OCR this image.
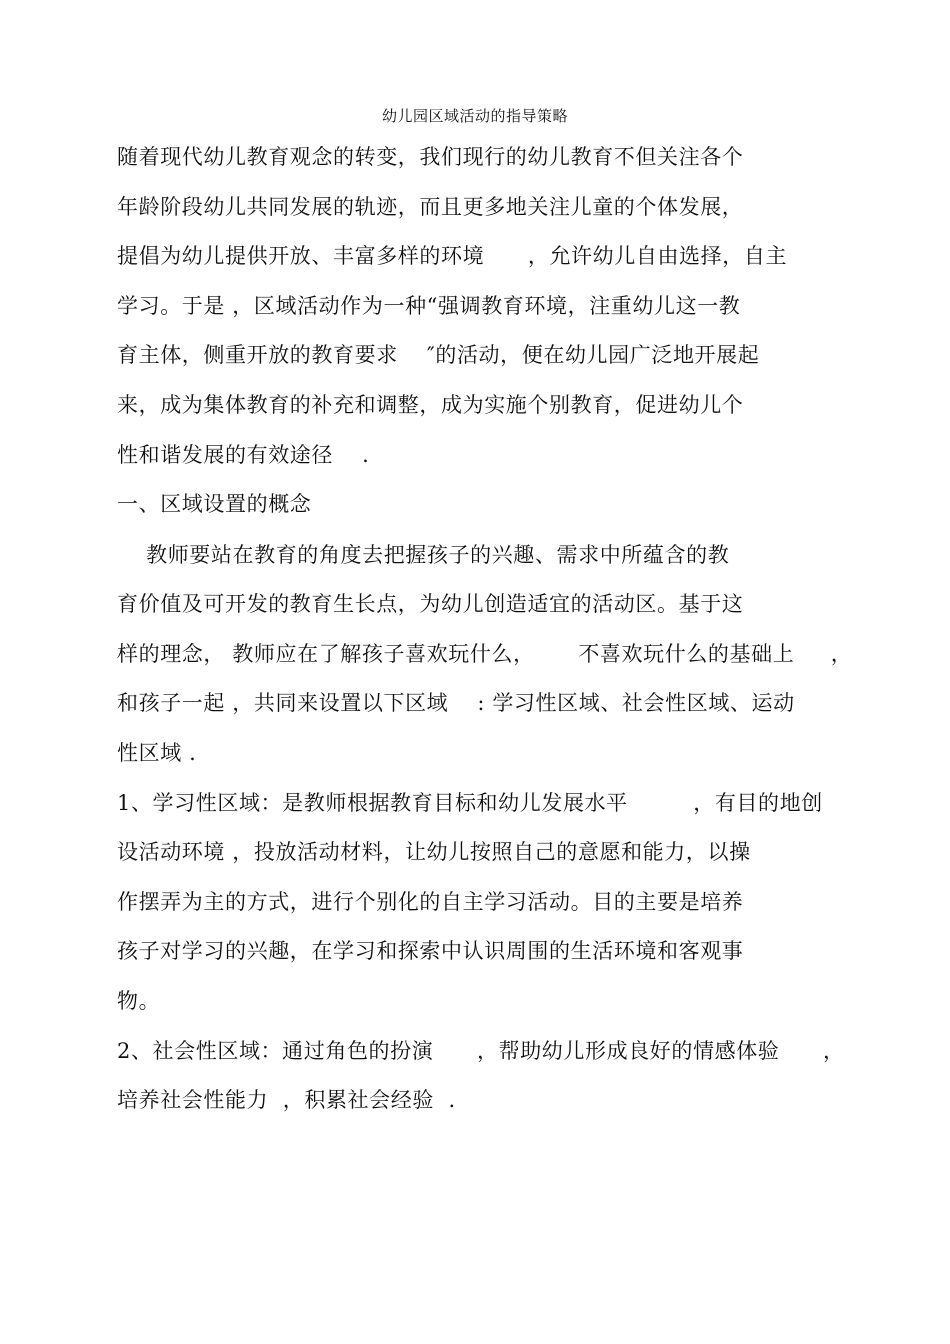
幼儿园区域活动的指导策略
随着现代幼儿教育观念的转变，我们现行的幼儿教育不但关注各个
年龄阶段幼儿共同发展的轨迹，而且更多地关注儿童的个体发展，
提倡为幼儿提供开放、丰富多样的环境      ，允许幼儿自由选择，自主
学习。于是 ，区域活动作为一种“强调教育环境，注重幼儿这一教
育主体，侧重开放的教育要求    ″的活动，便在幼儿园广泛地开展起
来，成为集体教育的补充和调整，成为实施个别教育，促进幼儿个
性和谐发展的有效途径    .
一、区域设置的概念
教师要站在教育的角度去把握孩子的兴趣、需求中所蕴含的教
育价值及可开发的教育生长点，为幼儿创造适宜的活动区。基于这
样的理念， 教师应在了解孩子喜欢玩什么，      不喜欢玩什么的基础上     ，
和孩子一起 ，共同来设置以下区域    : 学习性区域、社会性区域、运动
性区域 .
1、学习性区域：是教师根据教育目标和幼儿发展水平         ，有目的地创
设活动环境 ，投放活动材料，让幼儿按照自己的意愿和能力，以操
作摆弄为主的方式，进行个别化的自主学习活动。目的主要是培养
孩子对学习的兴趣，在学习和探索中认识周围的生活环境和客观事
物。
2、社会性区域：通过角色的扮演      ，帮助幼儿形成良好的情感体验      ，
培养社会性能力  ，积累社会经验  .
